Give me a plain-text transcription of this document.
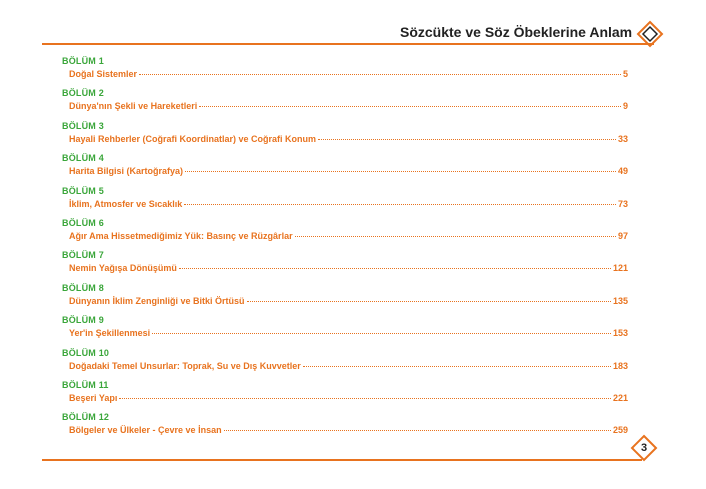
Sözcükte ve Söz Öbeklerine Anlam
BÖLÜM 1
Doğal Sistemler	5
BÖLÜM 2
Dünya'nın Şekli ve Hareketleri	9
BÖLÜM 3
Hayali Rehberler (Coğrafi Koordinatlar) ve Coğrafi Konum	33
BÖLÜM 4
Harita Bilgisi (Kartoğrafya)	49
BÖLÜM 5
İklim, Atmosfer ve Sıcaklık	73
BÖLÜM 6
Ağır Ama Hissetmediğimiz Yük: Basınç ve Rüzgârlar	97
BÖLÜM 7
Nemin Yağışa Dönüşümü	121
BÖLÜM 8
Dünyanın İklim Zenginliği ve Bitki Örtüsü	135
BÖLÜM 9
Yer'in Şekillenmesi	153
BÖLÜM 10
Doğadaki Temel Unsurlar: Toprak, Su ve Dış Kuvvetler	183
BÖLÜM 11
Beşeri Yapı	221
BÖLÜM 12
Bölgeler ve Ülkeler - Çevre ve İnsan	259
3
